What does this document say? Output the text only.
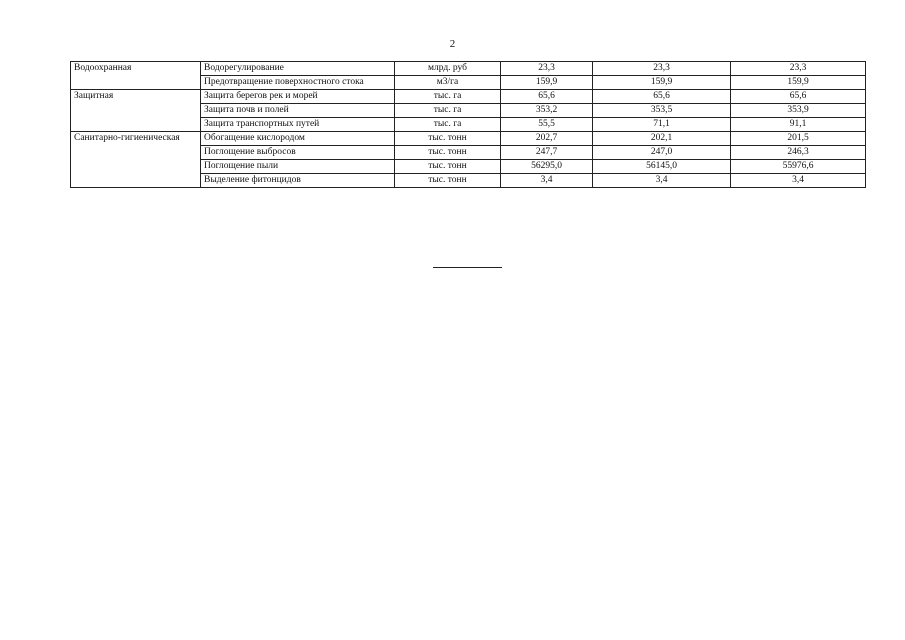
2
Водоохранная	Водорегулирование	млрд. руб	23,3	23,3	23,3
	Предотвращение поверхностного стока	м3/га	159,9	159,9	159,9
Защитная	Защита берегов рек и морей	тыс. га	65,6	65,6	65,6
	Защита почв и полей	тыс. га	353,2	353,5	353,9
	Защита транспортных путей	тыс. га	55,5	71,1	91,1
Санитарно-гигиеническая	Обогащение кислородом	тыс. тонн	202,7	202,1	201,5
	Поглощение выбросов	тыс. тонн	247,7	247,0	246,3
	Поглощение пыли	тыс. тонн	56295,0	56145,0	55976,6
	Выделение фитонцидов	тыс. тонн	3,4	3,4	3,4
